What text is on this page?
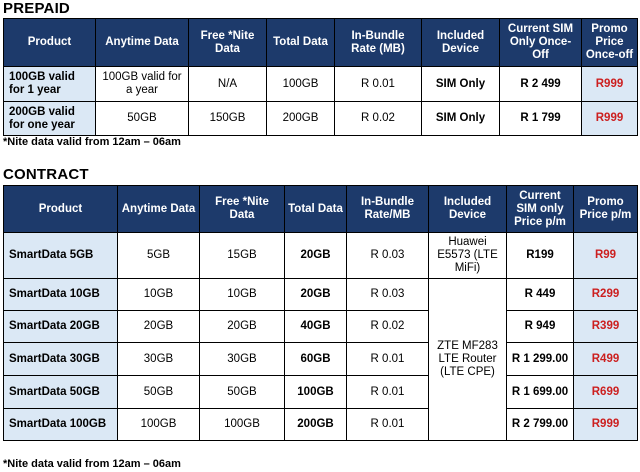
PREPAID
Product	Anytime Data	Free *Nite Data	Total Data	In-Bundle Rate (MB)	Included Device	Current SIM Only Once-Off	Promo Price Once-off
100GB valid for 1 year	100GB valid for a year	N/A	100GB	R 0.01	SIM Only	R 2 499	R999
200GB valid for one year	50GB	150GB	200GB	R 0.02	SIM Only	R 1 799	R999
*Nite data valid from 12am – 06am
CONTRACT
Product	Anytime Data	Free *Nite Data	Total Data	In-Bundle Rate/MB	Included Device	Current SIM only Price p/m	Promo Price p/m
SmartData 5GB	5GB	15GB	20GB	R 0.03	Huawei E5573 (LTE MiFi)	R199	R99
SmartData 10GB	10GB	10GB	20GB	R 0.03	ZTE MF283 LTE Router (LTE CPE)	R 449	R299
SmartData 20GB	20GB	20GB	40GB	R 0.02		R 949	R399
SmartData 30GB	30GB	30GB	60GB	R 0.01		R 1 299.00	R499
SmartData 50GB	50GB	50GB	100GB	R 0.01		R 1 699.00	R699
SmartData 100GB	100GB	100GB	200GB	R 0.01		R 2 799.00	R999
*Nite data valid from 12am – 06am
